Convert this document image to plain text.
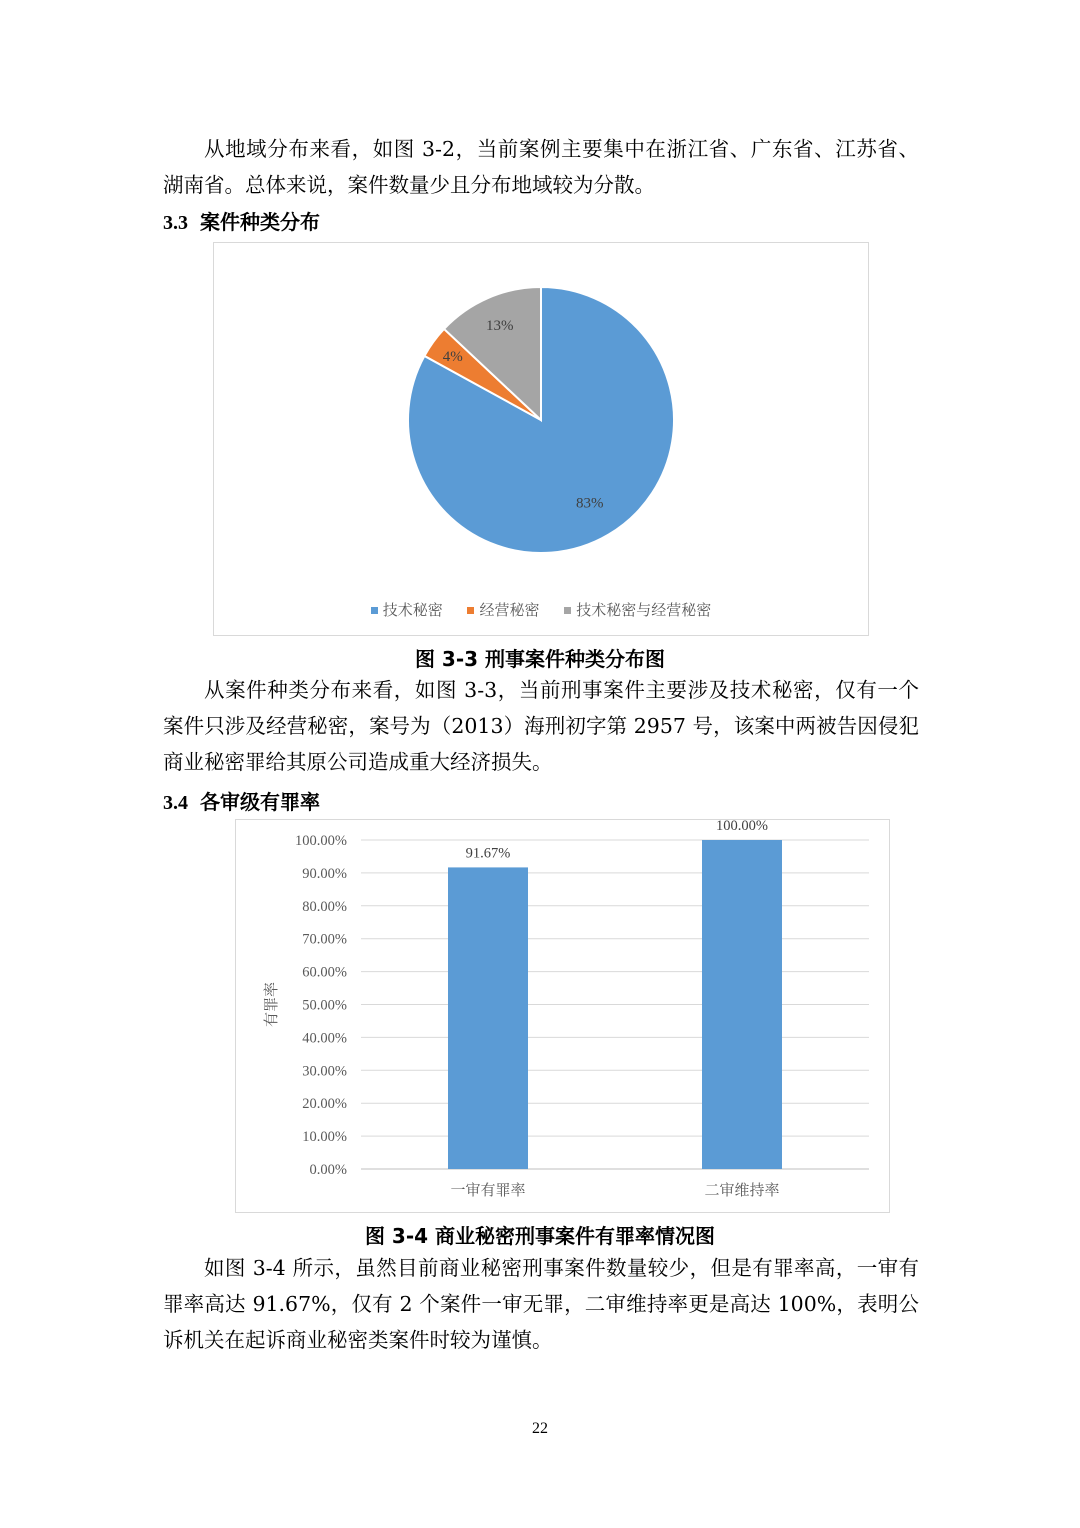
从地域分布来看，如图 3-2，当前案例主要集中在浙江省、广东省、江苏省、湖南省。总体来说，案件数量少且分布地域较为分散。

3.3 案件种类分布
83%
4%
13%
技术秘密 经营秘密 技术秘密与经营秘密

图 3-3 刑事案件种类分布图

从案件种类分布来看，如图 3-3，当前刑事案件主要涉及技术秘密，仅有一个案件只涉及经营秘密，案号为（2013）海刑初字第 2957 号，该案中两被告因侵犯商业秘密罪给其原公司造成重大经济损失。

3.4 各审级有罪率
0.00%
10.00%
20.00%
30.00%
40.00%
50.00%
60.00%
70.00%
80.00%
90.00%
100.00%
有罪率
91.67%
一审有罪率
100.00%
二审维持率

图 3-4 商业秘密刑事案件有罪率情况图

如图 3-4 所示，虽然目前商业秘密刑事案件数量较少，但是有罪率高，一审有罪率高达 91.67%，仅有 2 个案件一审无罪，二审维持率更是高达 100%，表明公诉机关在起诉商业秘密类案件时较为谨慎。

22
